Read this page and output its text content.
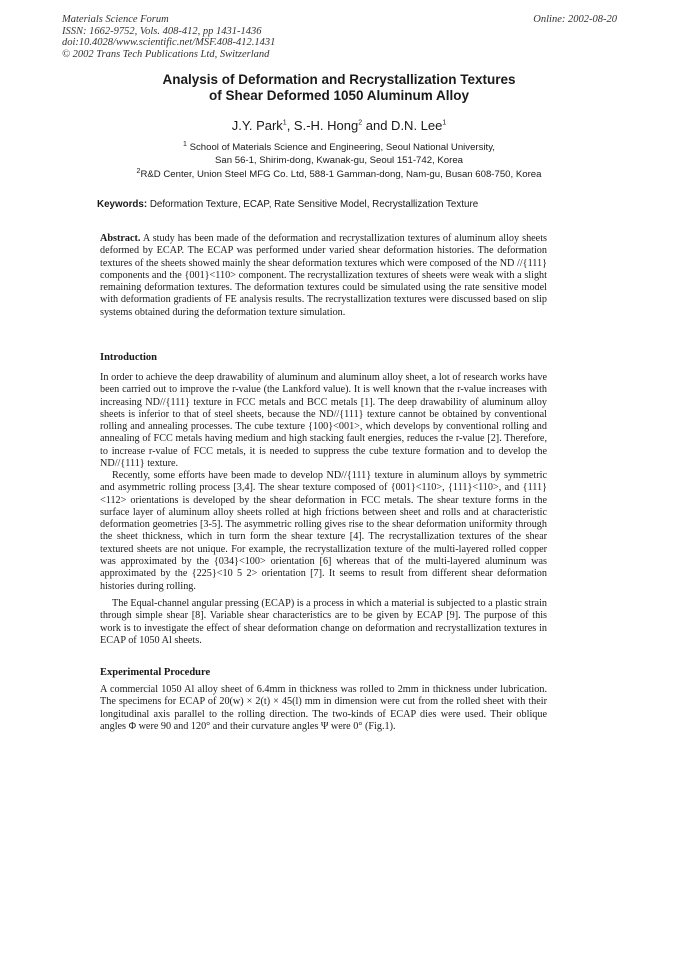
Materials Science Forum
ISSN: 1662-9752, Vols. 408-412, pp 1431-1436
doi:10.4028/www.scientific.net/MSF.408-412.1431
© 2002 Trans Tech Publications Ltd, Switzerland
Online: 2002-08-20
Analysis of Deformation and Recrystallization Textures
of Shear Deformed 1050 Aluminum Alloy
J.Y. Park$^1$, S.-H. Hong$^2$ and D.N. Lee$^1$
$^1$ School of Materials Science and Engineering, Seoul National University,
San 56-1, Shirim-dong, Kwanak-gu, Seoul 151-742, Korea
$^2$R&D Center, Union Steel MFG Co. Ltd, 588-1 Gamman-dong, Nam-gu, Busan 608-750, Korea
Keywords: Deformation Texture, ECAP, Rate Sensitive Model, Recrystallization Texture

Abstract. A study has been made of the deformation and recrystallization textures of aluminum alloy sheets deformed by ECAP. The ECAP was performed under varied shear deformation histories. The deformation textures of the sheets showed mainly the shear deformation textures which were composed of the ND //{111} components and the {001}<110> component. The recrystallization textures of sheets were weak with a slight remaining deformation textures. The deformation textures could be simulated using the rate sensitive model with deformation gradients of FE analysis results. The recrystallization textures were discussed based on slip systems obtained during the deformation texture simulation.

Introduction

In order to achieve the deep drawability of aluminum and aluminum alloy sheet, a lot of research works have been carried out to improve the r-value (the Lankford value). It is well known that the r-value increases with increasing ND//{111} texture in FCC metals and BCC metals [1]. The deep drawability of aluminum alloy sheets is inferior to that of steel sheets, because the ND//{111} texture cannot be obtained by conventional rolling and annealing processes. The cube texture {100}<001>, which develops by conventional rolling and annealing of FCC metals having medium and high stacking fault energies, reduces the r-value [2]. Therefore, to increase r-value of FCC metals, it is needed to suppress the cube texture formation and to develop the ND//{111} texture.

Recently, some efforts have been made to develop ND//{111} texture in aluminum alloys by symmetric and asymmetric rolling process [3,4]. The shear texture composed of {001}<110>, {111}<110>, and {111}<112> orientations is developed by the shear deformation in FCC metals. The shear texture forms in the surface layer of aluminum alloy sheets rolled at high frictions between sheet and rolls and at characteristic deformation geometries [3-5]. The asymmetric rolling gives rise to the shear deformation uniformity through the sheet thickness, which in turn form the shear texture [4]. The recrystallization textures of the shear textured sheets are not unique. For example, the recrystallization texture of the multi-layered rolled copper was approximated by the {034}<100> orientation [6] whereas that of the multi-layered aluminum was approximated by the {225}<10 5 2> orientation [7]. It seems to result from different shear deformation histories during rolling.

The Equal-channel angular pressing (ECAP) is a process in which a material is subjected to a plastic strain through simple shear [8]. Variable shear characteristics are to be given by ECAP [9]. The purpose of this work is to investigate the effect of shear deformation change on deformation and recrystallization textures in ECAP of 1050 Al sheets.

Experimental Procedure

A commercial 1050 Al alloy sheet of 6.4mm in thickness was rolled to 2mm in thickness under lubrication. The specimens for ECAP of 20(w) × 2(t) × 45(l) mm in dimension were cut from the rolled sheet with their longitudinal axis parallel to the rolling direction. The two-kinds of ECAP dies were used. Their oblique angles Φ were 90 and 120° and their curvature angles Ψ were 0° (Fig.1).
